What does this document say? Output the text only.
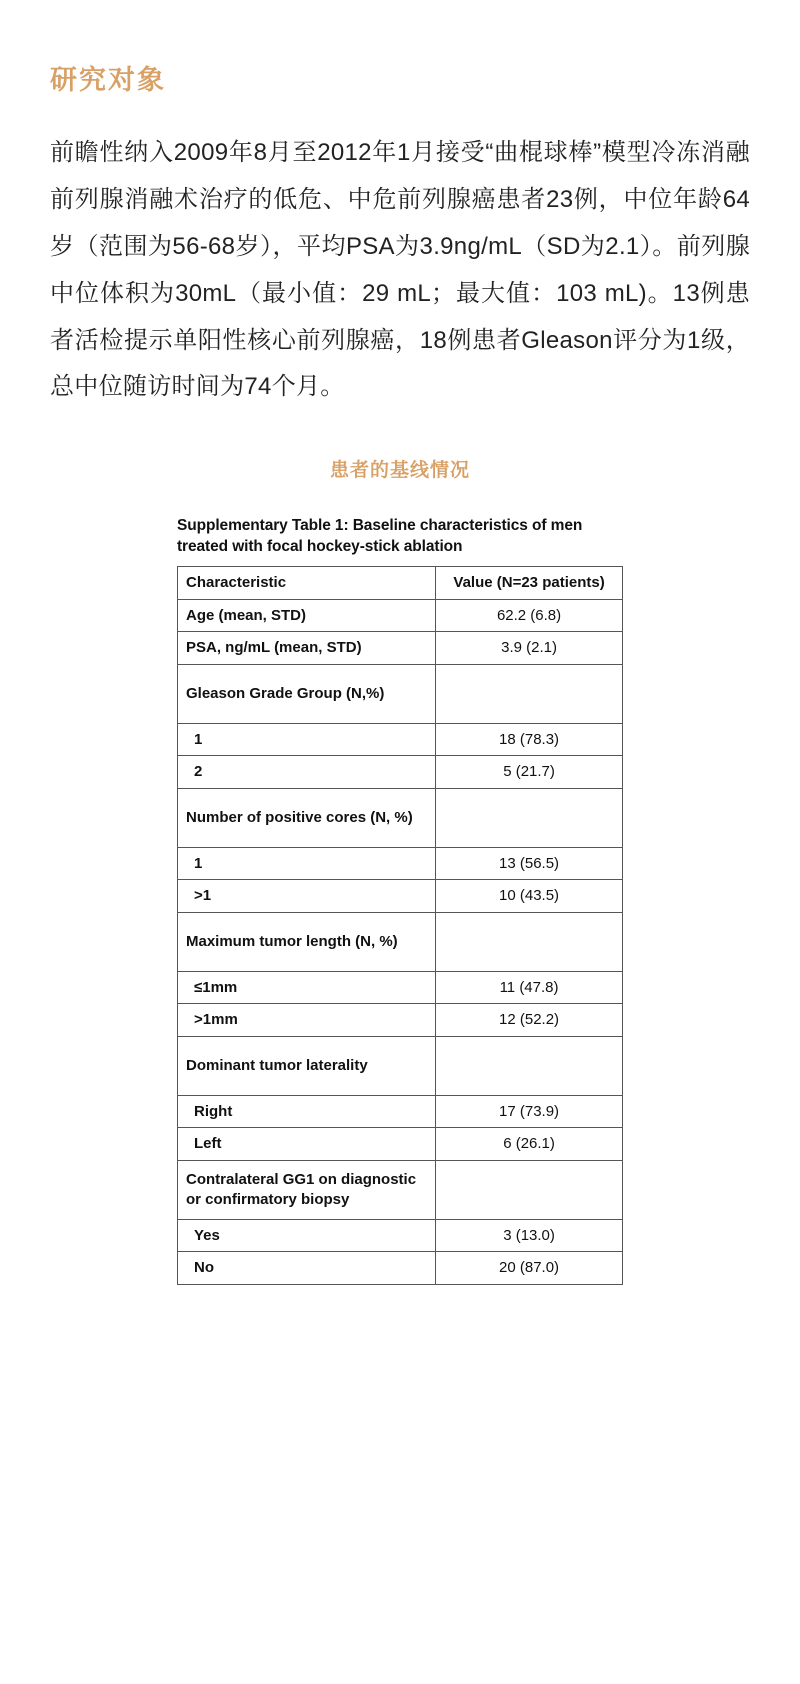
研究对象

前瞻性纳入2009年8月至2012年1月接受“曲棍球棒”模型冷冻消融前列腺消融术治疗的低危、中危前列腺癌患者23例，中位年龄64岁（范围为56-68岁），平均PSA为3.9ng/mL（SD为2.1）。前列腺中位体积为30mL（最小值：29 mL；最大值：103 mL)。13例患者活检提示单阳性核心前列腺癌，18例患者Gleason评分为1级，总中位随访时间为74个月。

患者的基线情况
Supplementary Table 1: Baseline characteristics of men treated with focal hockey-stick ablation
Characteristic	Value (N=23 patients)
Age (mean, STD)	62.2 (6.8)
PSA, ng/mL (mean, STD)	3.9 (2.1)
Gleason Grade Group (N,%)	
1	18 (78.3)
2	5 (21.7)
Number of positive cores (N, %)	
1	13 (56.5)
>1	10 (43.5)
Maximum tumor length (N, %)	
≤1mm	11 (47.8)
>1mm	12 (52.2)
Dominant tumor laterality	
Right	17 (73.9)
Left	6 (26.1)
Contralateral GG1 on diagnostic or confirmatory biopsy	
Yes	3 (13.0)
No	20 (87.0)
